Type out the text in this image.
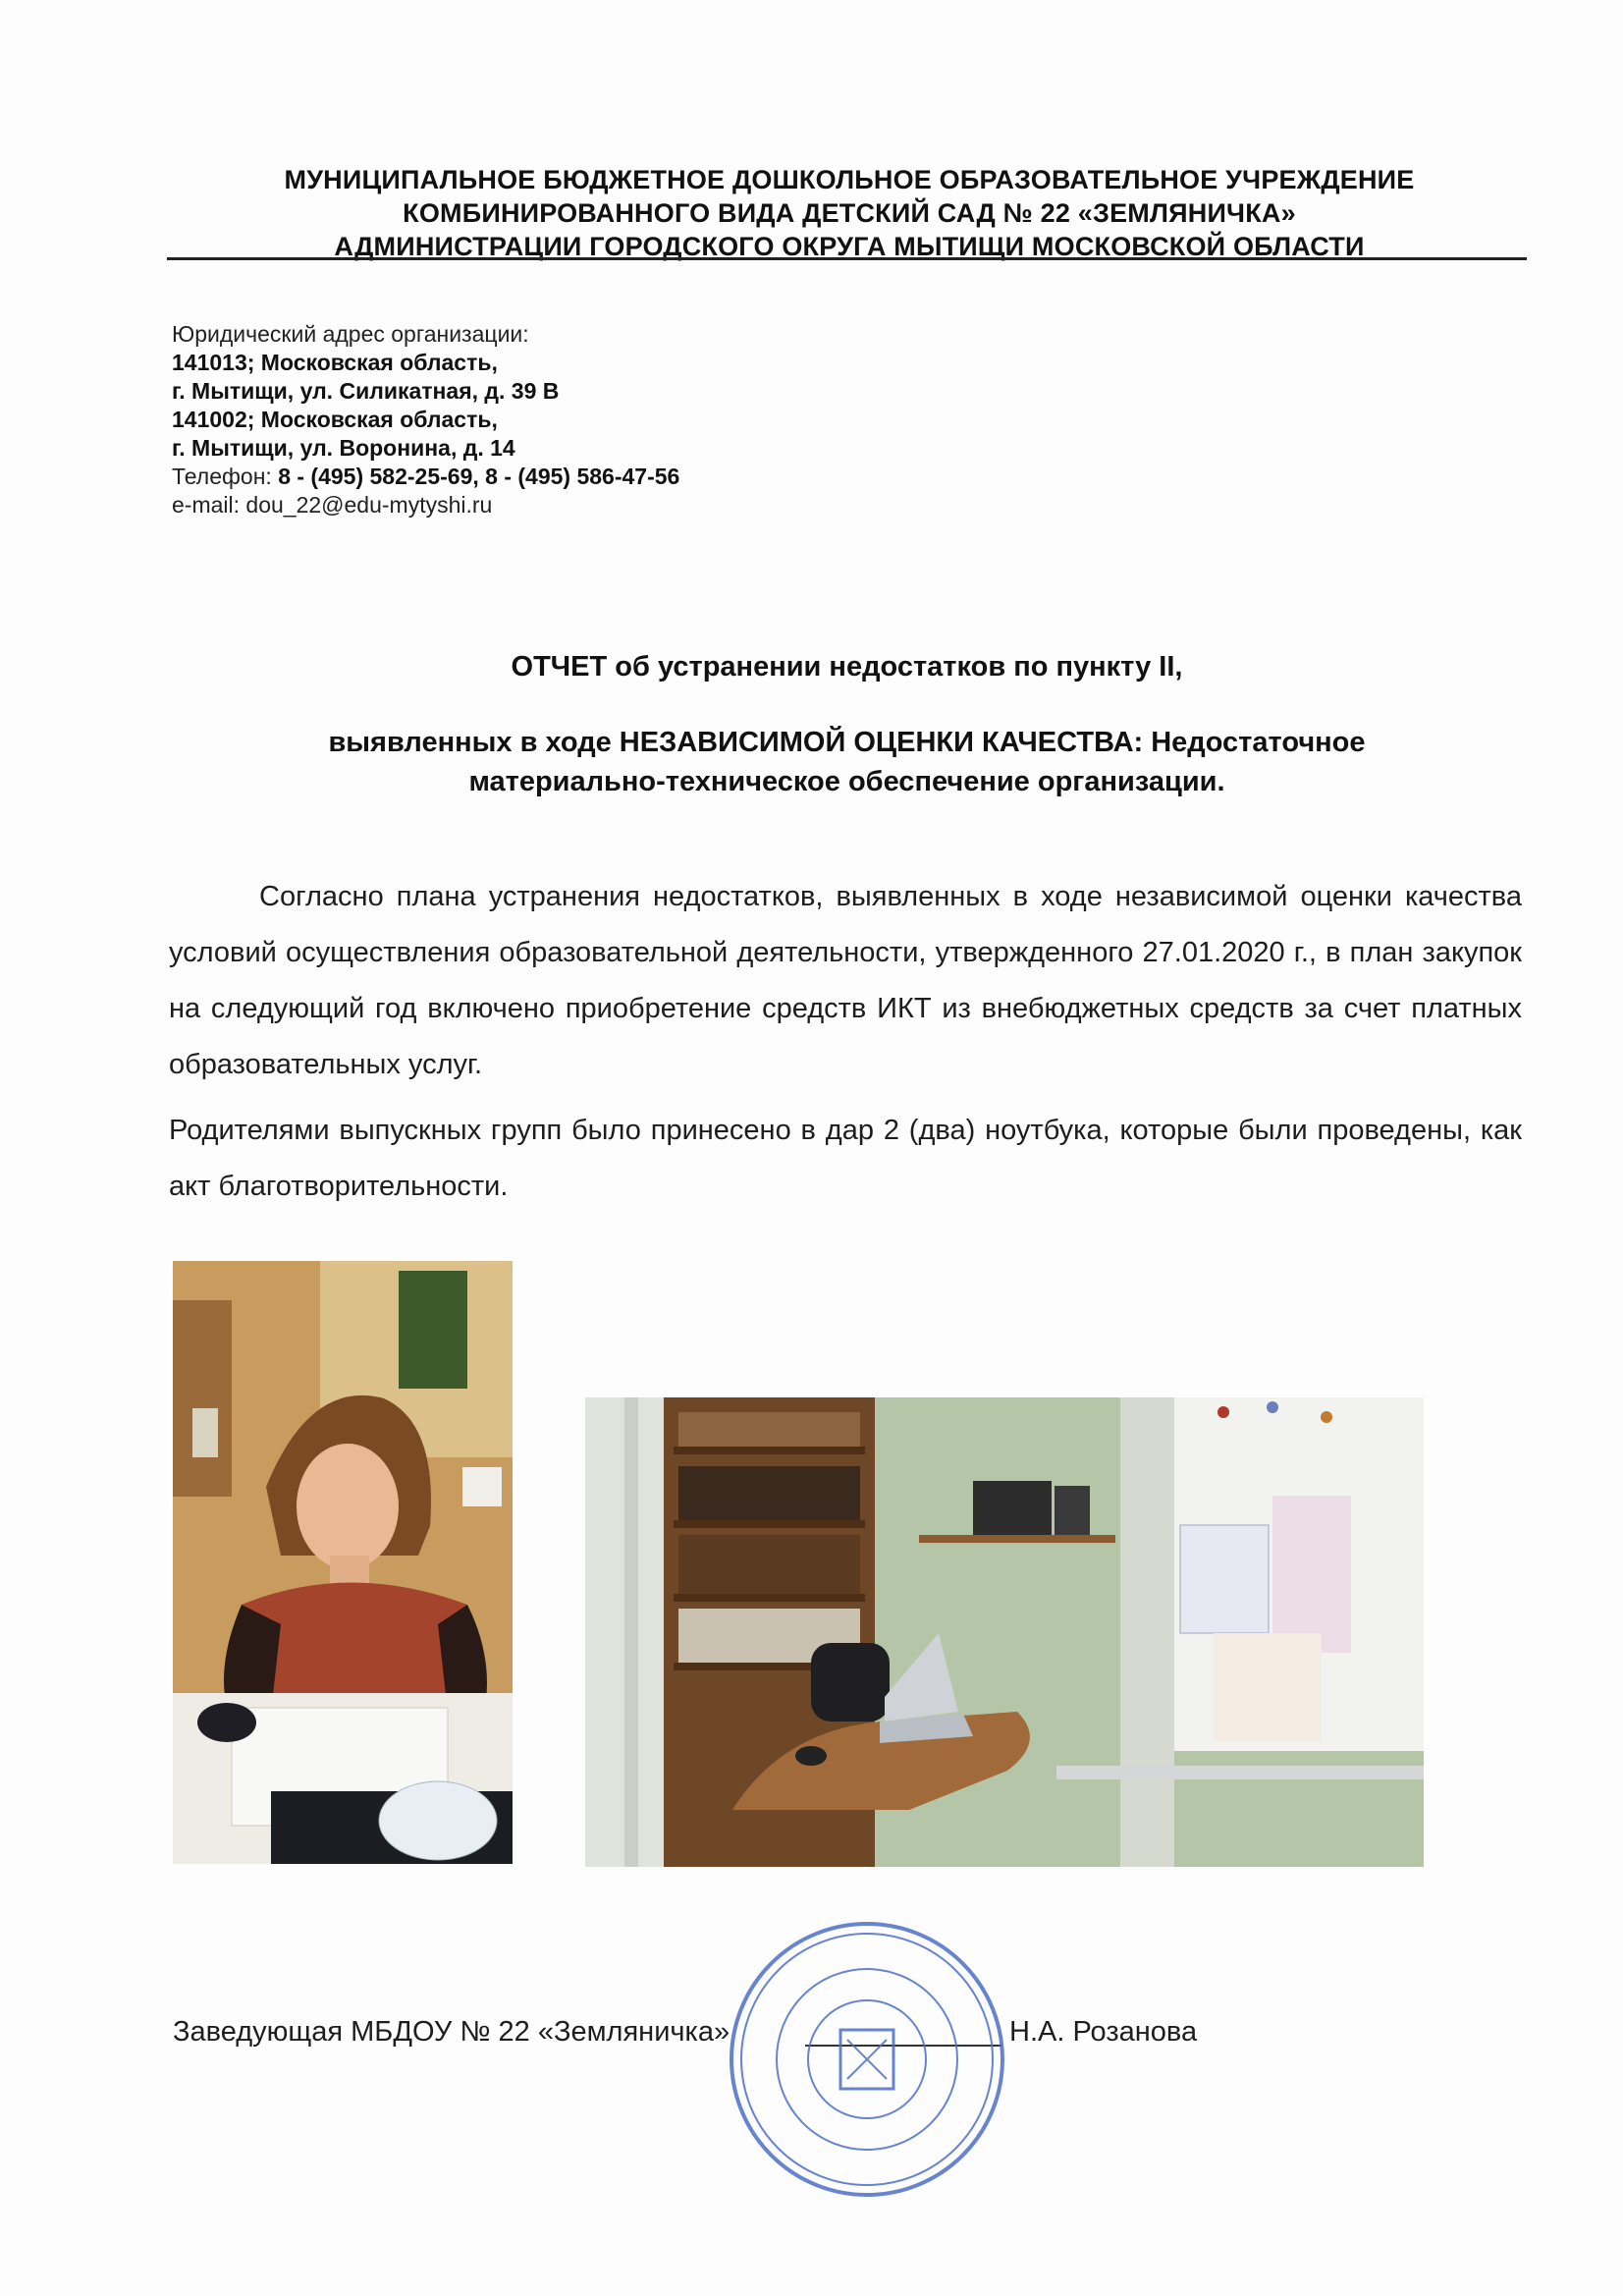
МУНИЦИПАЛЬНОЕ БЮДЖЕТНОЕ ДОШКОЛЬНОЕ ОБРАЗОВАТЕЛЬНОЕ УЧРЕЖДЕНИЕ
КОМБИНИРОВАННОГО ВИДА ДЕТСКИЙ САД № 22 «ЗЕМЛЯНИЧКА»
АДМИНИСТРАЦИИ ГОРОДСКОГО ОКРУГА МЫТИЩИ МОСКОВСКОЙ ОБЛАСТИ
Юридический адрес организации:
141013; Московская область,
г. Мытищи, ул. Силикатная, д. 39 В
141002; Московская область,
г. Мытищи, ул. Воронина, д. 14
Телефон: 8 - (495) 582-25-69, 8 - (495) 586-47-56
e-mail: dou_22@edu-mytyshi.ru
ОТЧЕТ об устранении недостатков по пункту II,
выявленных в ходе НЕЗАВИСИМОЙ ОЦЕНКИ КАЧЕСТВА: Недостаточное
материально-техническое обеспечение организации.

Согласно плана устранения недостатков, выявленных в ходе независимой оценки качества условий осуществления образовательной деятельности, утвержденного 27.01.2020 г., в план закупок на следующий год включено приобретение средств ИКТ из внебюджетных средств за счет платных образовательных услуг.

Родителями выпускных групп было принесено в дар 2 (два) ноутбука, которые были проведены, как акт благотворительности.

Заведующая МБДОУ № 22 «Земляничка»	Н.А. Розанова
